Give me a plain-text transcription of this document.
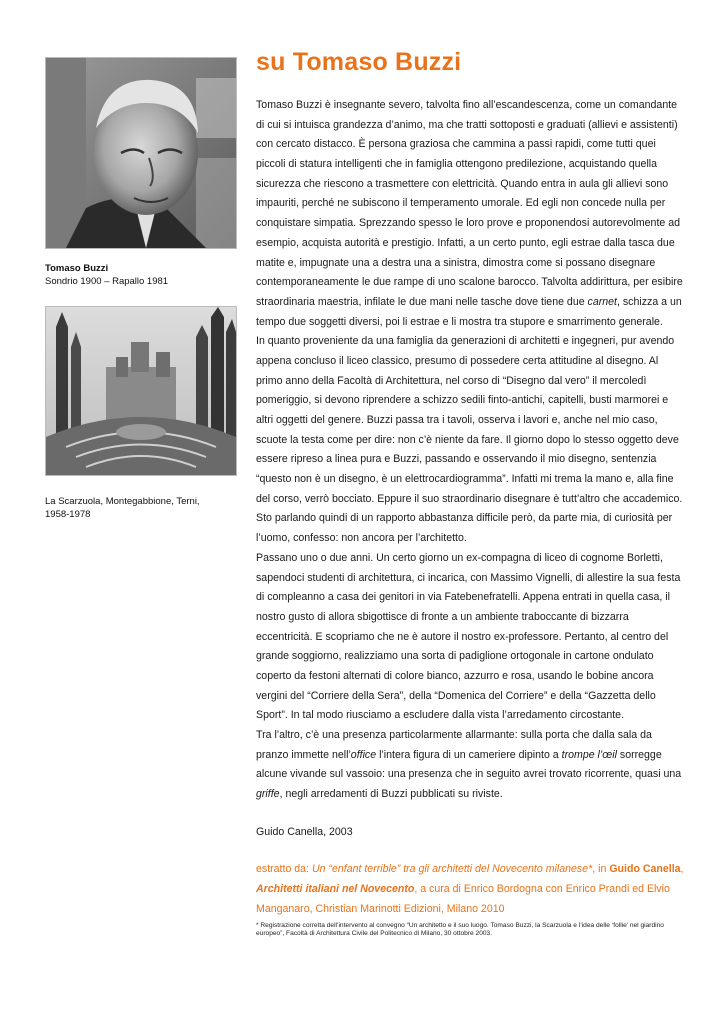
Tomaso Buzzi
Sondrio 1900 – Rapallo 1981
La Scarzuola, Montegabbione, Terni,
1958-1978
su Tomaso Buzzi

Tomaso Buzzi è insegnante severo, talvolta fino all’escandescenza, come un comandante di cui si intuisca grandezza d’animo, ma che tratti sottoposti e graduati (allievi e assistenti) con cercato distacco. È persona graziosa che cammina a passi rapidi, come tutti quei piccoli di statura intelligenti che in famiglia ottengono predilezione, acquistando quella sicurezza che riescono a trasmettere con elettricità. Quando entra in aula gli allievi sono impauriti, perché ne subiscono il temperamento umorale. Ed egli non concede nulla per conquistare simpatia. Sprezzando spesso le loro prove e proponendosi autorevolmente ad esempio, acquista autorità e prestigio. Infatti, a un certo punto, egli estrae dalla tasca due matite e, impugnate una a destra una a sinistra, dimostra come si possano disegnare contemporaneamente le due rampe di uno scalone barocco. Talvolta addirittura, per esibire straordinaria maestria, infilate le due mani nelle tasche dove tiene due carnet, schizza a un tempo due soggetti diversi, poi li estrae e li mostra tra stupore e smarrimento generale.

In quanto proveniente da una famiglia da generazioni di architetti e ingegneri, pur avendo appena concluso il liceo classico, presumo di possedere certa attitudine al disegno. Al primo anno della Facoltà di Architettura, nel corso di “Disegno dal vero” il mercoledì pomeriggio, si devono riprendere a schizzo sedili finto-antichi, capitelli, busti marmorei e altri oggetti del genere. Buzzi passa tra i tavoli, osserva i lavori e, anche nel mio caso, scuote la testa come per dire: non c’è niente da fare. Il giorno dopo lo stesso oggetto deve essere ripreso a linea pura e Buzzi, passando e osservando il mio disegno, sentenzia “questo non è un disegno, è un elettrocardiogramma”. Infatti mi trema la mano e, alla fine del corso, verrò bocciato. Eppure il suo straordinario disegnare è tutt’altro che accademico. Sto parlando quindi di un rapporto abbastanza difficile però, da parte mia, di curiosità per l’uomo, confesso: non ancora per l’architetto.

Passano uno o due anni. Un certo giorno un ex-compagna di liceo di cognome Borletti, sapendoci studenti di architettura, ci incarica, con Massimo Vignelli, di allestire la sua festa di compleanno a casa dei genitori in via Fatebenefratelli. Appena entrati in quella casa, il nostro gusto di allora sbigottisce di fronte a un ambiente traboccante di bizzarra eccentricità. E scopriamo che ne è autore il nostro ex-professore. Pertanto, al centro del grande soggiorno, realizziamo una sorta di padiglione ortogonale in cartone ondulato coperto da festoni alternati di colore bianco, azzurro e rosa, usando le bobine ancora vergini del “Corriere della Sera”, della “Domenica del Corriere” e della “Gazzetta dello Sport”. In tal modo riusciamo a escludere dalla vista l’arredamento circostante.

Tra l’altro, c’è una presenza particolarmente allarmante: sulla porta che dalla sala da pranzo immette nell’office l’intera figura di un cameriere dipinto a trompe l’œil sorregge alcune vivande sul vassoio: una presenza che in seguito avrei trovato ricorrente, quasi una griffe, negli arredamenti di Buzzi pubblicati su riviste.

Guido Canella, 2003
estratto da: Un “enfant terrible” tra gli architetti del Novecento milanese*, in Guido Canella, Architetti italiani nel Novecento, a cura di Enrico Bordogna con Enrico Prandi ed Elvio Manganaro, Christian Marinotti Edizioni, Milano 2010
* Registrazione corretta dell’intervento al convegno “Un architetto e il suo luogo. Tomaso Buzzi, la Scarzuola e l’idea delle ‘follie’ nel giardino europeo”, Facoltà di Architettura Civile del Politecnico di Milano, 30 ottobre 2003.
